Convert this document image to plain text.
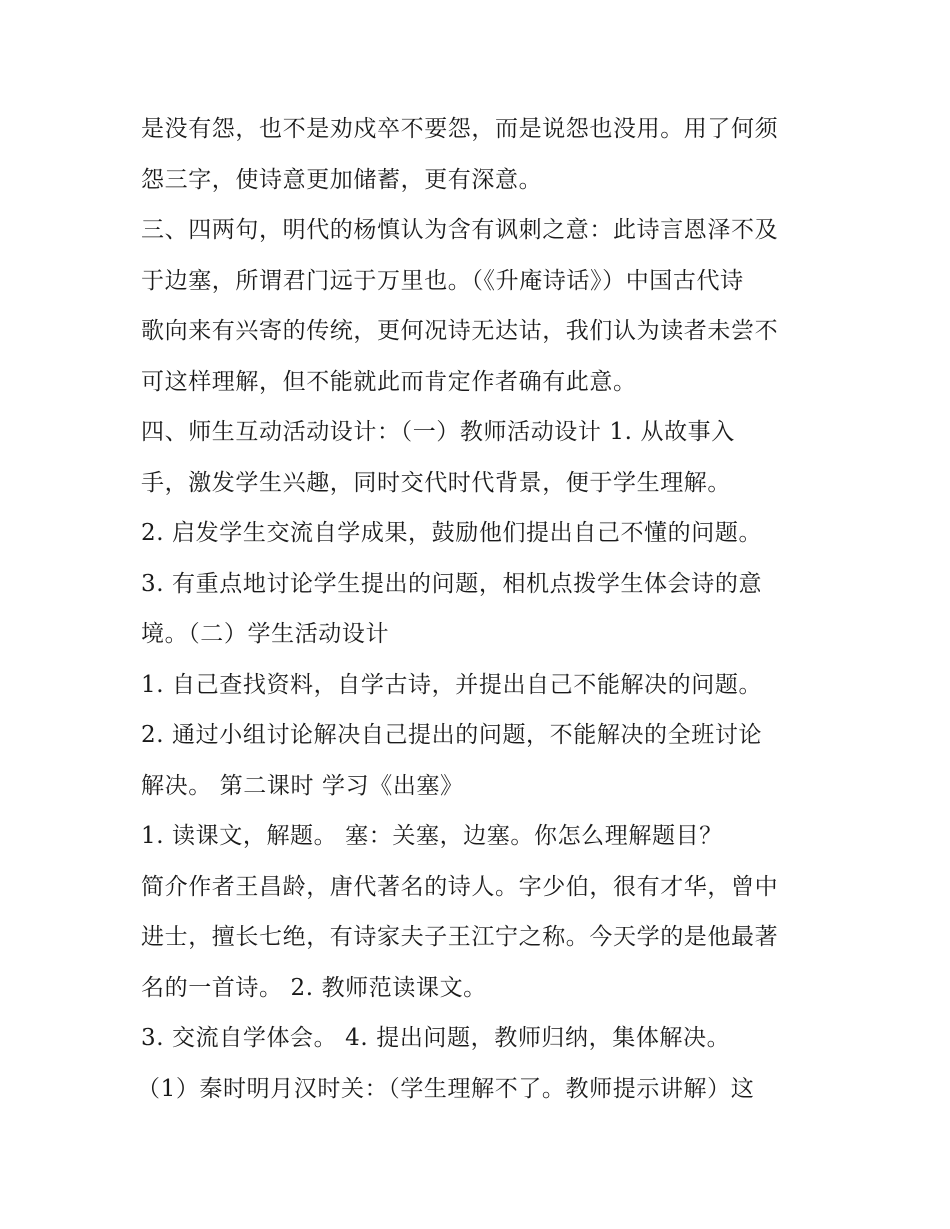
是没有怨，也不是劝戍卒不要怨，而是说怨也没用。用了何须
怨三字，使诗意更加储蓄，更有深意。
三、四两句，明代的杨慎认为含有讽刺之意：此诗言恩泽不及
于边塞，所谓君门远于万里也。（《升庵诗话》）中国古代诗
歌向来有兴寄的传统，更何况诗无达诂，我们认为读者未尝不
可这样理解，但不能就此而肯定作者确有此意。
四、师生互动活动设计：（一）教师活动设计 1. 从故事入
手，激发学生兴趣，同时交代时代背景，便于学生理解。
2. 启发学生交流自学成果，鼓励他们提出自己不懂的问题。
3. 有重点地讨论学生提出的问题，相机点拨学生体会诗的意
境。（二）学生活动设计
1. 自己查找资料，自学古诗，并提出自己不能解决的问题。
2. 通过小组讨论解决自己提出的问题，不能解决的全班讨论
解决。 第二课时 学习《出塞》
1. 读课文，解题。 塞：关塞，边塞。你怎么理解题目？
简介作者王昌龄，唐代著名的诗人。字少伯，很有才华，曾中
进士，擅长七绝，有诗家夫子王江宁之称。今天学的是他最著
名的一首诗。 2. 教师范读课文。
3. 交流自学体会。 4. 提出问题，教师归纳，集体解决。
（1）秦时明月汉时关：（学生理解不了。教师提示讲解）这
